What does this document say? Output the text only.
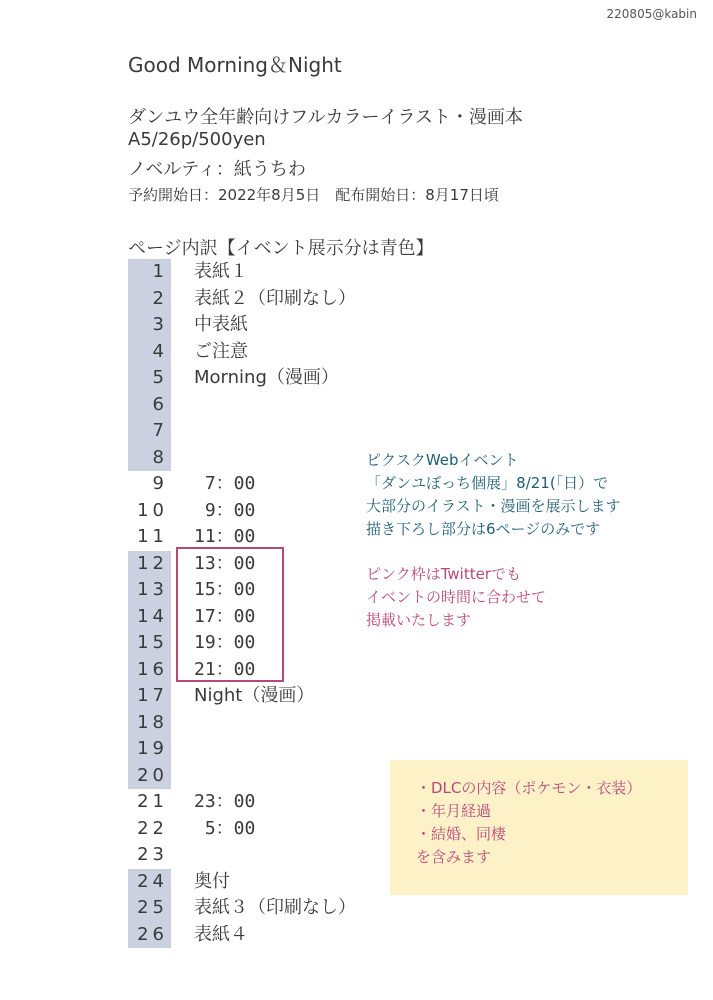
220805@kabin
Good Morning＆Night
ダンユウ全年齢向けフルカラーイラスト・漫画本
A5/26p/500yen
ノベルティ：紙うちわ
予約開始日：2022年8月5日　配布開始日：8月17日頃
ページ内訳【イベント展示分は青色】
1 表紙１
2 表紙２（印刷なし）
3 中表紙
4 ご注意
5 Morning（漫画）
6
7
8
9 7：00
10 9：00
11 11：00
12 13：00
13 15：00
14 17：00
15 19：00
16 21：00
17 Night（漫画）
18
19
20
21 23：00
22 5：00
23
24 奥付
25 表紙３（印刷なし）
26 表紙４
ピクスクWebイベント
「ダンユぼっち個展」8/21(「日）で
大部分のイラスト・漫画を展示します
描き下ろし部分は6ページのみです
ピンク枠はTwitterでも
イベントの時間に合わせて
掲載いたします
・DLCの内容（ポケモン・衣装）
・年月経過
・結婚、同棲
を含みます
